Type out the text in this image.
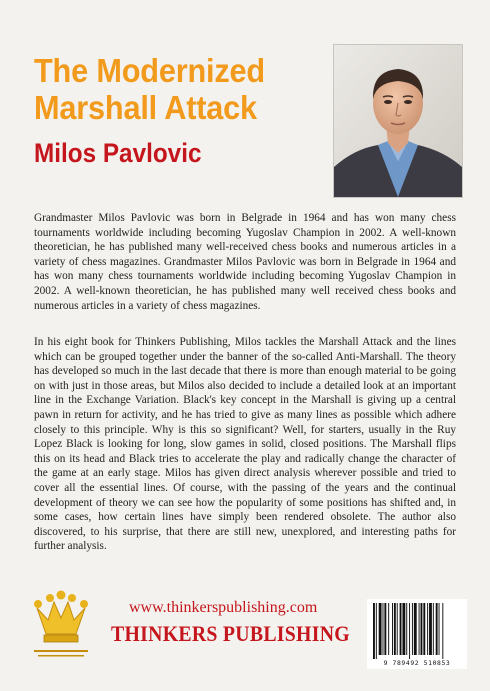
The Modernized
Marshall Attack
Milos Pavlovic

Grandmaster Milos Pavlovic was born in Belgrade in 1964 and has won many chess tournaments worldwide including becoming Yugoslav Champion in 2002. A well-known theoretician, he has published many well-received chess books and numerous articles in a variety of chess magazines. Grandmaster Milos Pavlovic was born in Belgrade in 1964 and has won many chess tournaments worldwide including becoming Yugoslav Champion in 2002. A well-known theoretician, he has published many well received chess books and numerous articles in a variety of chess magazines.

In his eight book for Thinkers Publishing, Milos tackles the Marshall Attack and the lines which can be grouped together under the banner of the so-called Anti-Marshall. The theory has developed so much in the last decade that there is more than enough material to be going on with just in those areas, but Milos also decided to include a detailed look at an important line in the Exchange Variation. Black's key concept in the Marshall is giving up a central pawn in return for activity, and he has tried to give as many lines as possible which adhere closely to this principle. Why is this so significant? Well, for starters, usually in the Ruy Lopez Black is looking for long, slow games in solid, closed positions. The Marshall flips this on its head and Black tries to accelerate the play and radically change the character of the game at an early stage. Milos has given direct analysis wherever possible and tried to cover all the essential lines. Of course, with the passing of the years and the continual development of theory we can see how the popularity of some positions has shifted and, in some cases, how certain lines have simply been rendered obsolete. The author also discovered, to his surprise, that there are still new, unexplored, and interesting paths for further analysis.

www.thinkerspublishing.com
THINKERS PUBLISHING
9 789492 510853
